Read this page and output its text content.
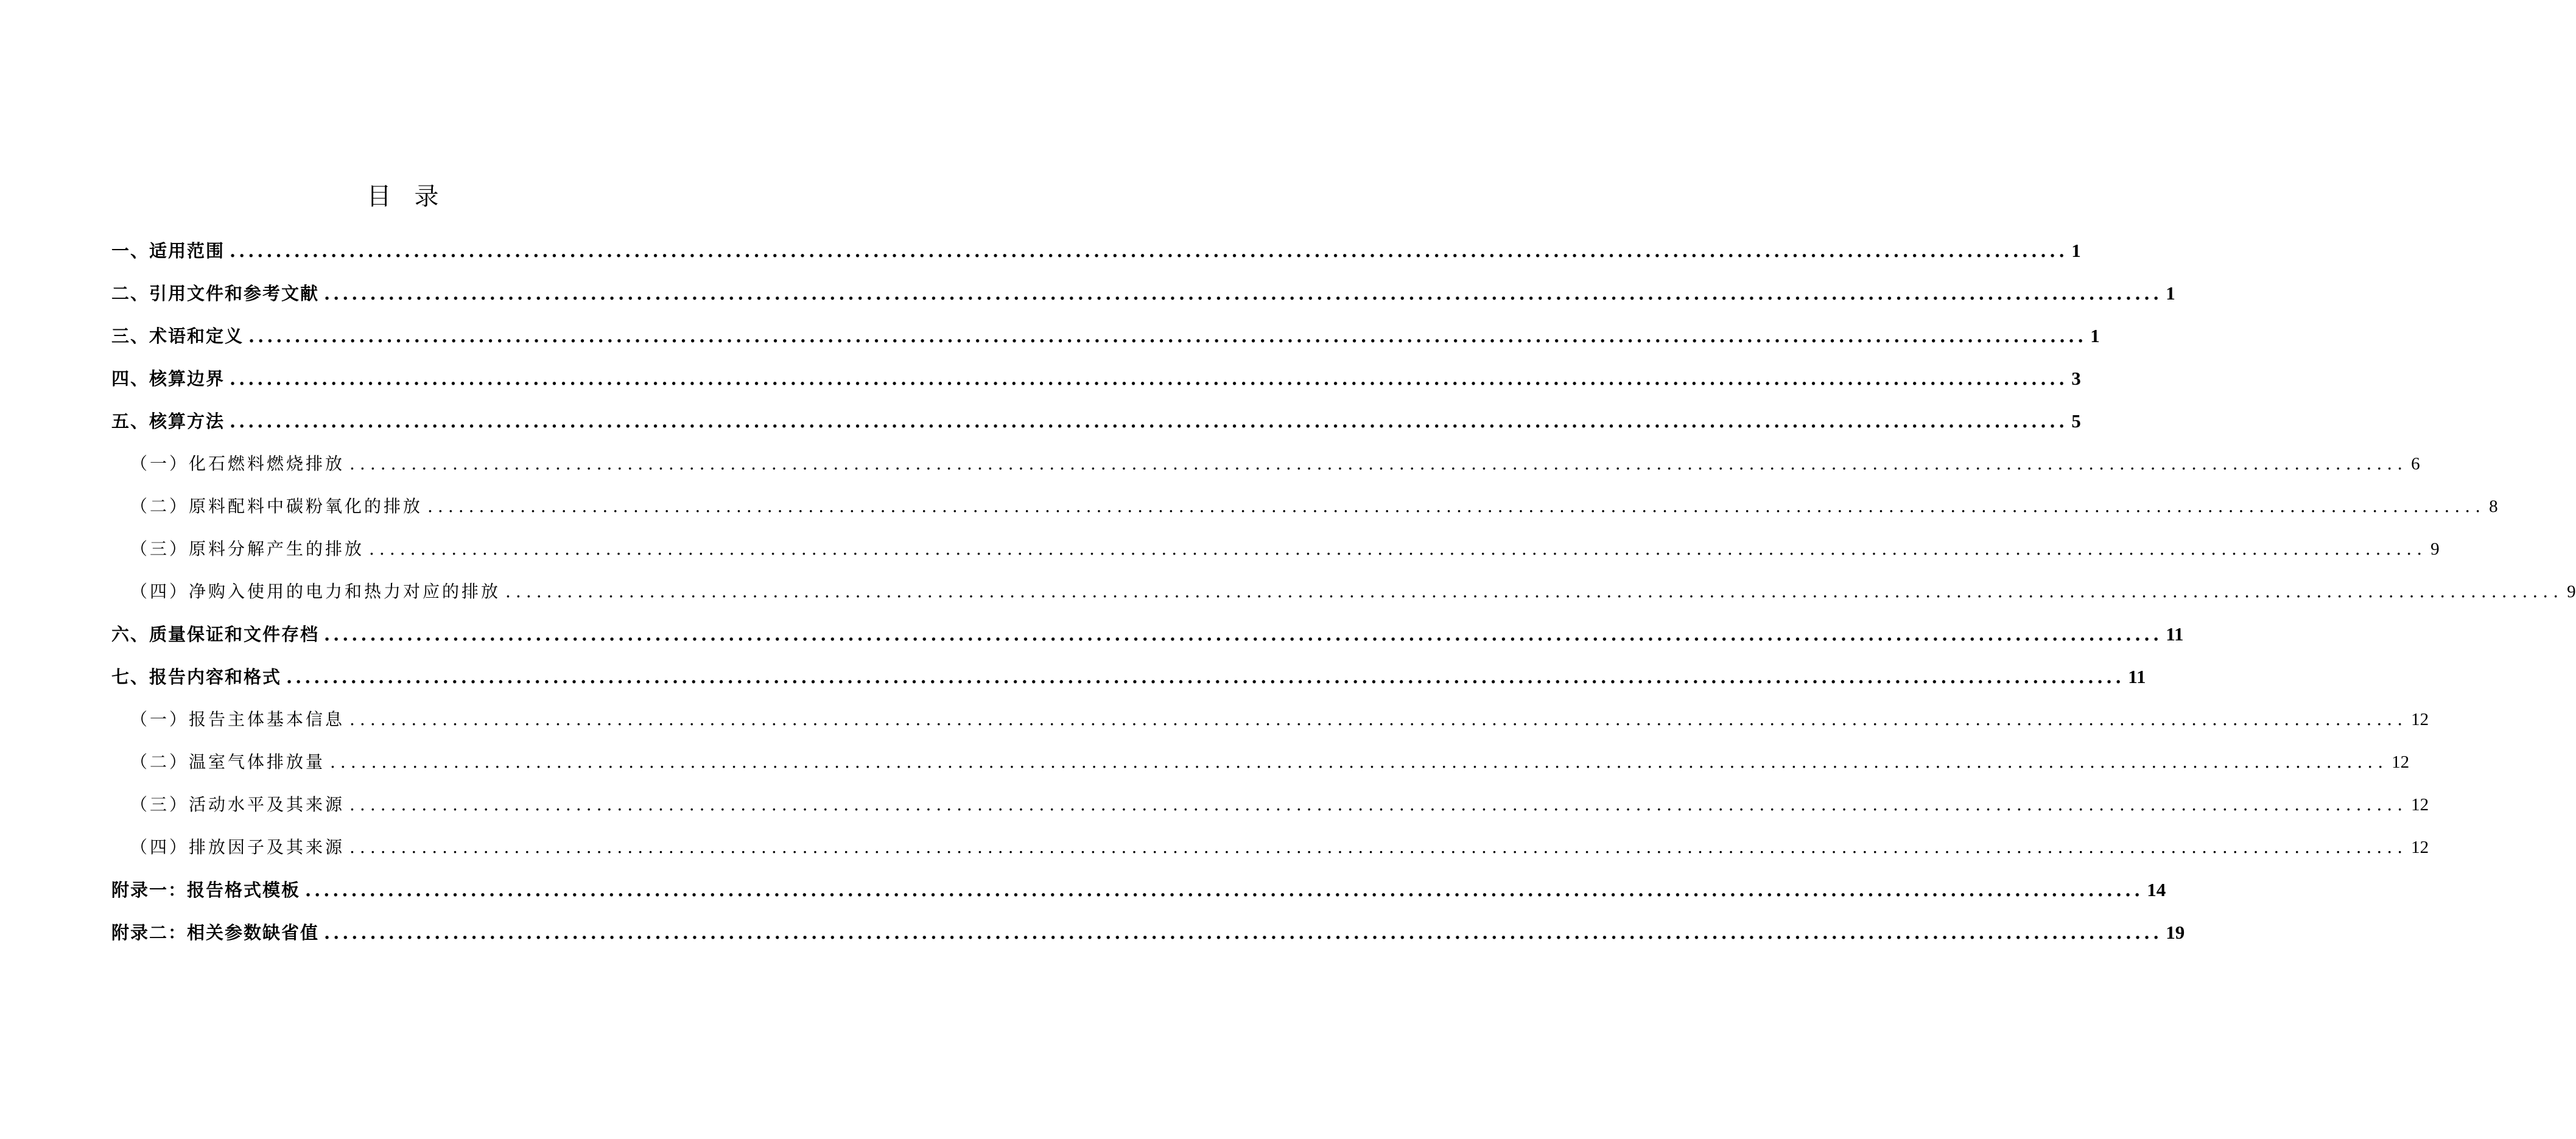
目录
一、适用范围 ........................................................................................................................................................................................................ 1
二、引用文件和参考文献 ........................................................................................................................................................................................................ 1
三、术语和定义 ........................................................................................................................................................................................................ 1
四、核算边界 ........................................................................................................................................................................................................ 3
五、核算方法 ........................................................................................................................................................................................................ 5
（一）化石燃料燃烧排放 ........................................................................................................................................................................................................ 6
（二）原料配料中碳粉氧化的排放 ........................................................................................................................................................................................................ 8
（三）原料分解产生的排放 ........................................................................................................................................................................................................ 9
（四）净购入使用的电力和热力对应的排放 ........................................................................................................................................................................................................ 9
六、质量保证和文件存档 ........................................................................................................................................................................................................ 11
七、报告内容和格式 ........................................................................................................................................................................................................ 11
（一）报告主体基本信息 ........................................................................................................................................................................................................ 12
（二）温室气体排放量 ........................................................................................................................................................................................................ 12
（三）活动水平及其来源 ........................................................................................................................................................................................................ 12
（四）排放因子及其来源 ........................................................................................................................................................................................................ 12
附录一：报告格式模板 ........................................................................................................................................................................................................ 14
附录二：相关参数缺省值 ........................................................................................................................................................................................................ 19
